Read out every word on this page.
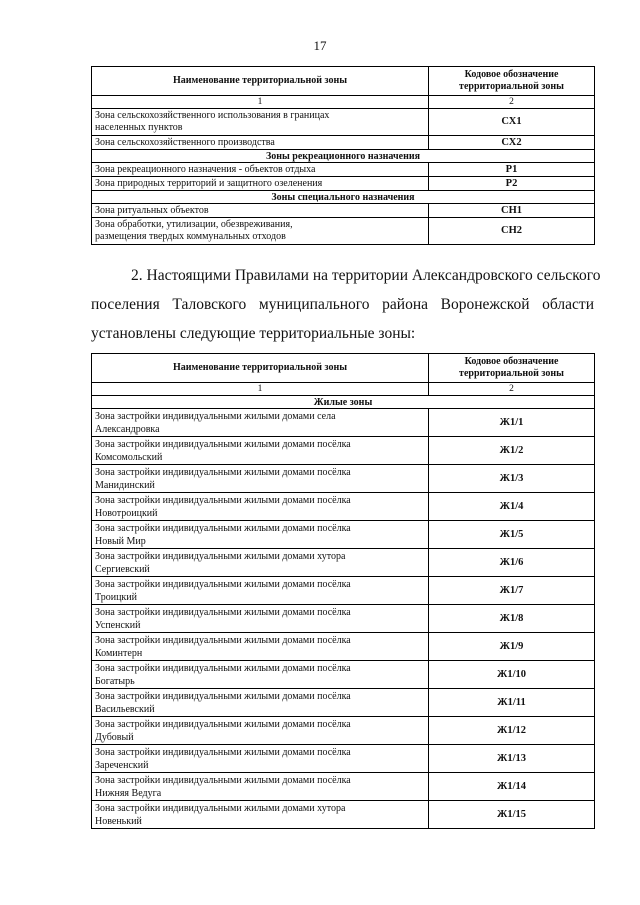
17
Наименование территориальной зоны	Кодовое обозначение
территориальной зоны
1	2
Зона сельскохозяйственного использования в границах
населенных пунктов	СХ1
Зона сельскохозяйственного производства	СХ2
Зоны рекреационного назначения	
Зона рекреационного назначения - объектов отдыха	Р1
Зона природных территорий и защитного озеленения	Р2
Зоны специального назначения	
Зона ритуальных объектов	СН1
Зона обработки, утилизации, обезвреживания,
размещения твердых коммунальных отходов	СН2
2. Настоящими Правилами на территории Александровского сельского
поселения Таловского муниципального района Воронежской области
установлены следующие территориальные зоны:
Наименование территориальной зоны	Кодовое обозначение
территориальной зоны
1	2
Жилые зоны	
Зона застройки индивидуальными жилыми домами села
Александровка	Ж1/1
Зона застройки индивидуальными жилыми домами посёлка
Комсомольский	Ж1/2
Зона застройки индивидуальными жилыми домами посёлка
Манидинский	Ж1/3
Зона застройки индивидуальными жилыми домами посёлка
Новотроицкий	Ж1/4
Зона застройки индивидуальными жилыми домами посёлка
Новый Мир	Ж1/5
Зона застройки индивидуальными жилыми домами хутора
Сергиевский	Ж1/6
Зона застройки индивидуальными жилыми домами посёлка
Троицкий	Ж1/7
Зона застройки индивидуальными жилыми домами посёлка
Успенский	Ж1/8
Зона застройки индивидуальными жилыми домами посёлка
Коминтерн	Ж1/9
Зона застройки индивидуальными жилыми домами посёлка
Богатырь	Ж1/10
Зона застройки индивидуальными жилыми домами посёлка
Васильевский	Ж1/11
Зона застройки индивидуальными жилыми домами посёлка
Дубовый	Ж1/12
Зона застройки индивидуальными жилыми домами посёлка
Зареченский	Ж1/13
Зона застройки индивидуальными жилыми домами посёлка
Нижняя Ведуга	Ж1/14
Зона застройки индивидуальными жилыми домами хутора
Новенький	Ж1/15
